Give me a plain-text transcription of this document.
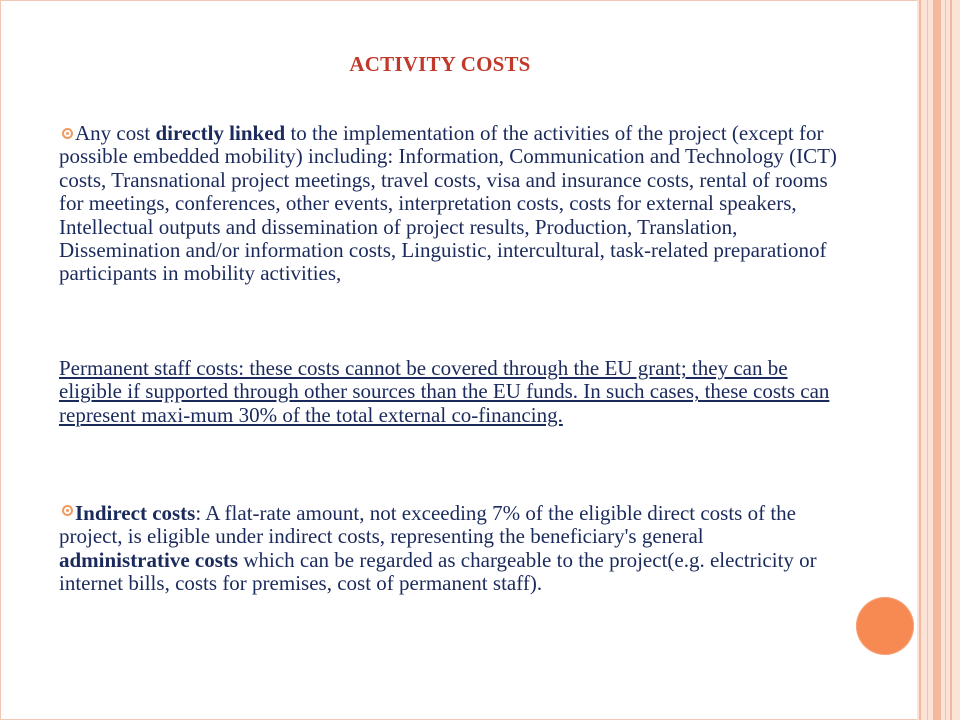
ACTIVITY COSTS
Any cost directly linked to the implementation of the activities of the project (except for possible embedded mobility) including: Information, Communication and Technology (ICT) costs, Transnational project meetings, travel costs, visa and insurance costs, rental of rooms for meetings, conferences, other events, interpretation costs, costs for external speakers, Intellectual outputs and dissemination of project results, Production, Translation, Dissemination and/or information costs, Linguistic, intercultural, task-related preparationof participants in mobility activities,
Permanent staff costs: these costs cannot be covered through the EU grant; they can be eligible if supported through other sources than the EU funds. In such cases, these costs can represent maxi-mum 30% of the total external co-financing.
Indirect costs: A flat-rate amount, not exceeding 7% of the eligible direct costs of the project, is eligible under indirect costs, representing the beneficiary's general administrative costs which can be regarded as chargeable to the project(e.g. electricity or internet bills, costs for premises, cost of permanent staff).
